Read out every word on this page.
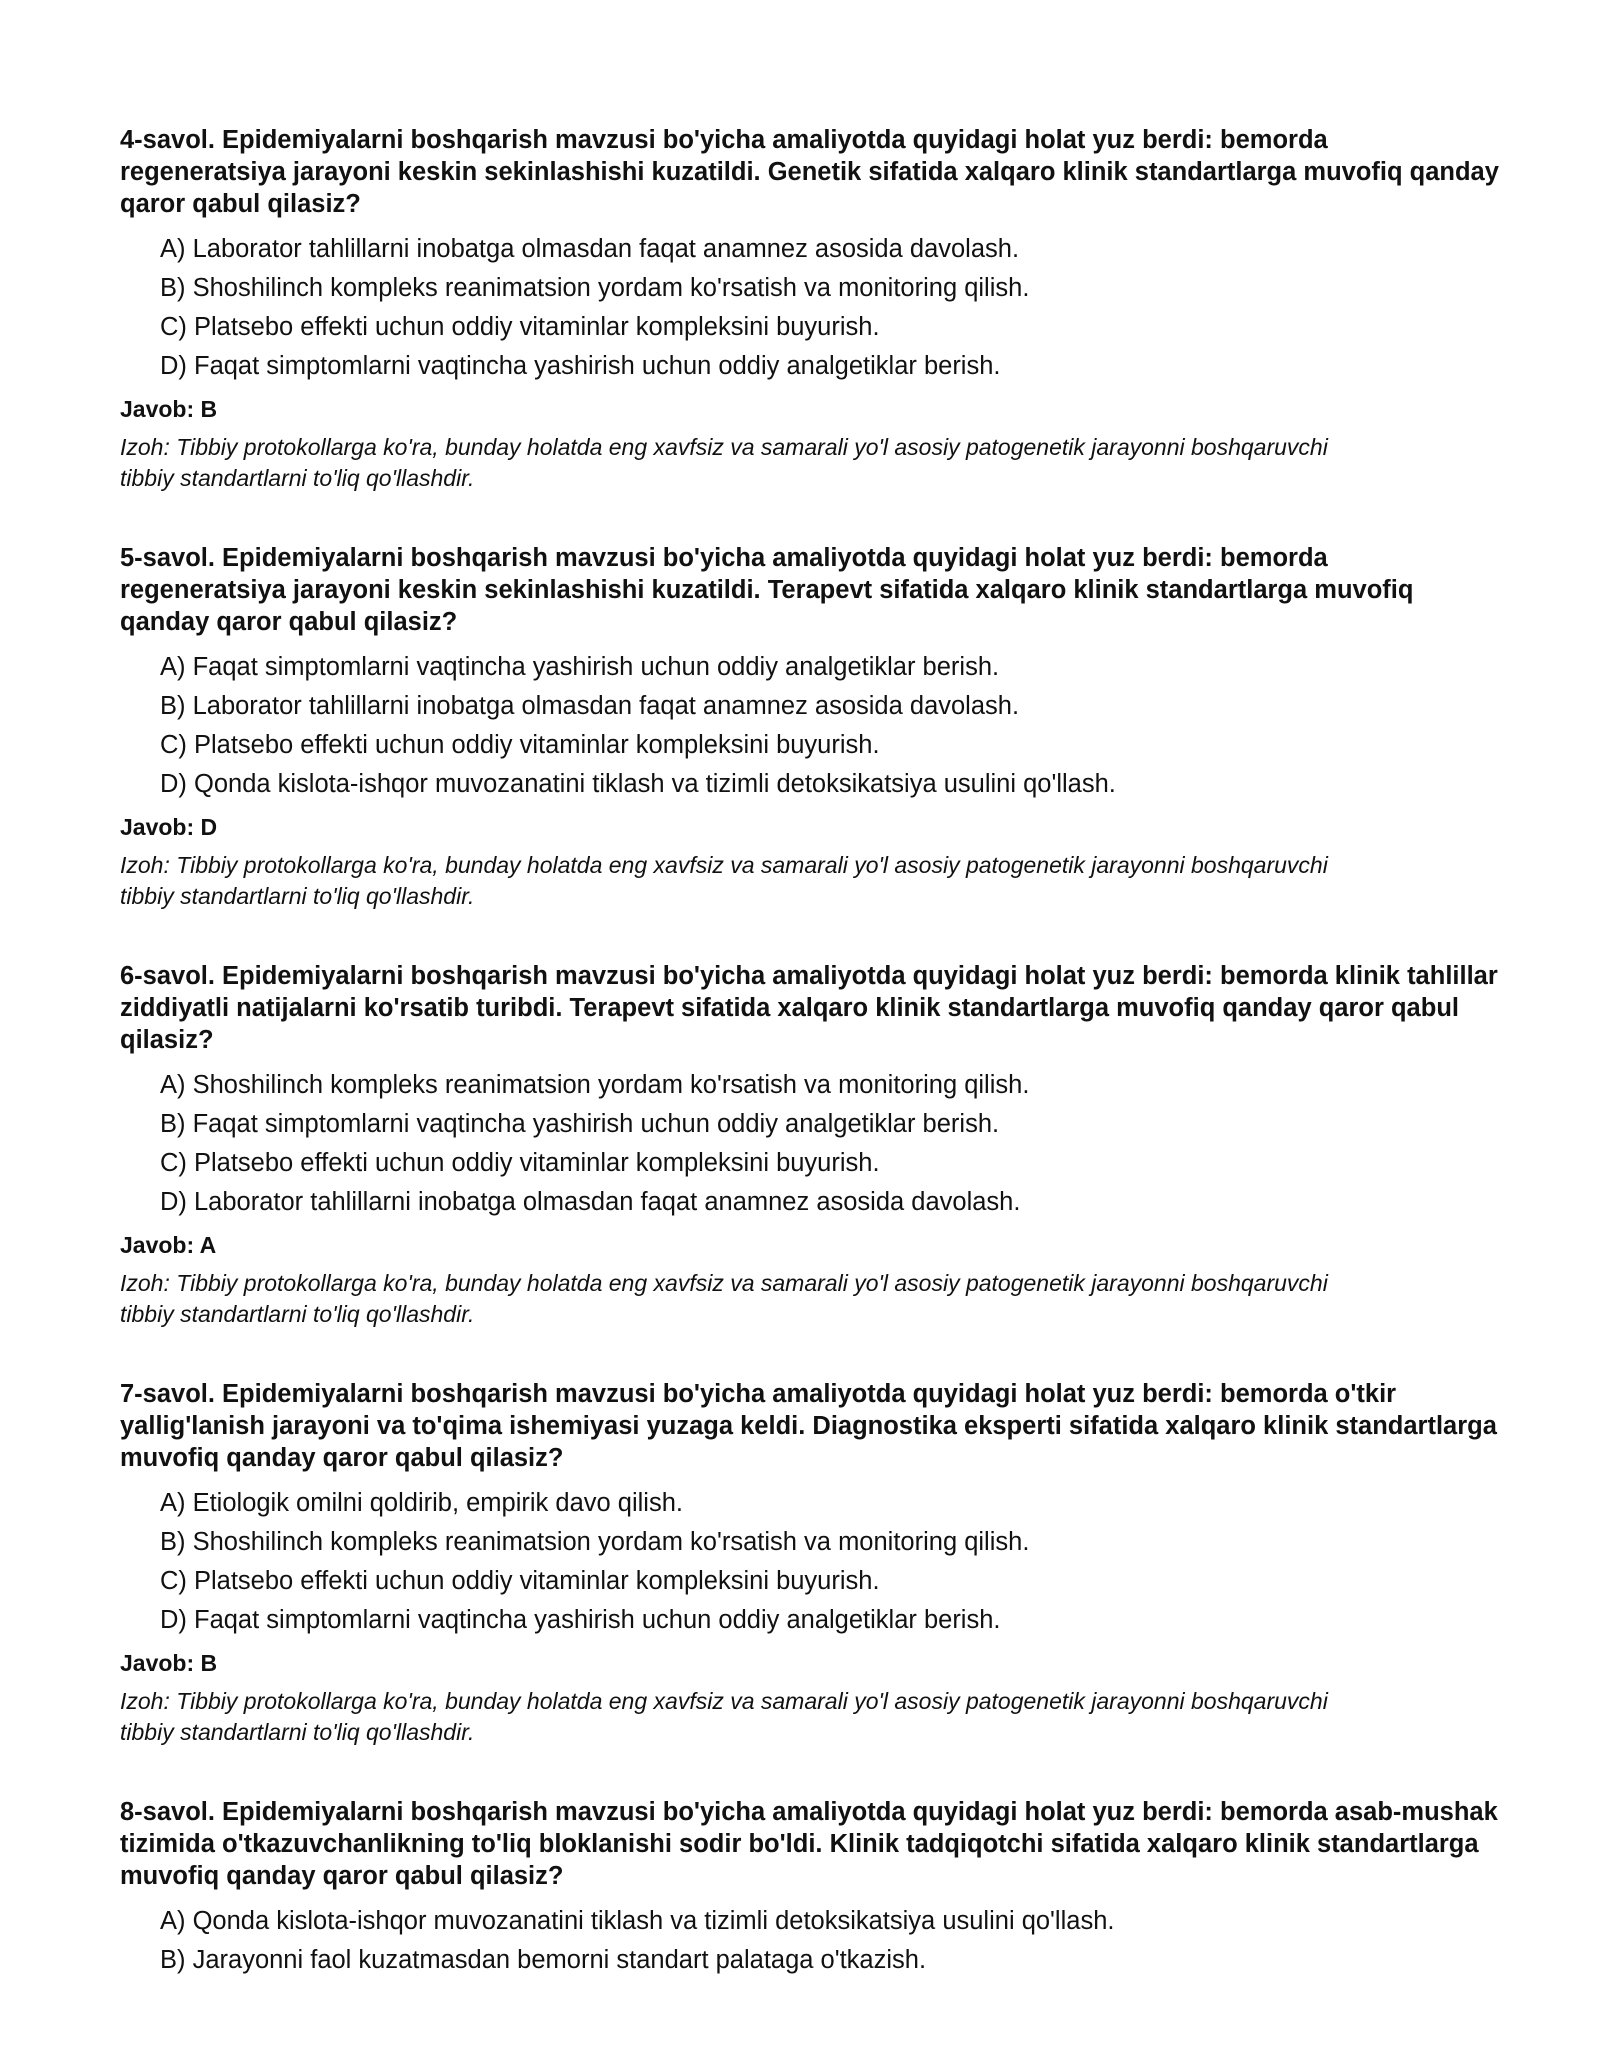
4-savol. Epidemiyalarni boshqarish mavzusi bo'yicha amaliyotda quyidagi holat yuz berdi: bemorda regeneratsiya jarayoni keskin sekinlashishi kuzatildi. Genetik sifatida xalqaro klinik standartlarga muvofiq qanday qaror qabul qilasiz?
A) Laborator tahlillarni inobatga olmasdan faqat anamnez asosida davolash.
B) Shoshilinch kompleks reanimatsion yordam ko'rsatish va monitoring qilish.
C) Platsebo effekti uchun oddiy vitaminlar kompleksini buyurish.
D) Faqat simptomlarni vaqtincha yashirish uchun oddiy analgetiklar berish.
Javob: B
Izoh: Tibbiy protokollarga ko'ra, bunday holatda eng xavfsiz va samarali yo'l asosiy patogenetik jarayonni boshqaruvchi tibbiy standartlarni to'liq qo'llashdir.
5-savol. Epidemiyalarni boshqarish mavzusi bo'yicha amaliyotda quyidagi holat yuz berdi: bemorda regeneratsiya jarayoni keskin sekinlashishi kuzatildi. Terapevt sifatida xalqaro klinik standartlarga muvofiq qanday qaror qabul qilasiz?
A) Faqat simptomlarni vaqtincha yashirish uchun oddiy analgetiklar berish.
B) Laborator tahlillarni inobatga olmasdan faqat anamnez asosida davolash.
C) Platsebo effekti uchun oddiy vitaminlar kompleksini buyurish.
D) Qonda kislota-ishqor muvozanatini tiklash va tizimli detoksikatsiya usulini qo'llash.
Javob: D
Izoh: Tibbiy protokollarga ko'ra, bunday holatda eng xavfsiz va samarali yo'l asosiy patogenetik jarayonni boshqaruvchi tibbiy standartlarni to'liq qo'llashdir.
6-savol. Epidemiyalarni boshqarish mavzusi bo'yicha amaliyotda quyidagi holat yuz berdi: bemorda klinik tahlillar ziddiyatli natijalarni ko'rsatib turibdi. Terapevt sifatida xalqaro klinik standartlarga muvofiq qanday qaror qabul qilasiz?
A) Shoshilinch kompleks reanimatsion yordam ko'rsatish va monitoring qilish.
B) Faqat simptomlarni vaqtincha yashirish uchun oddiy analgetiklar berish.
C) Platsebo effekti uchun oddiy vitaminlar kompleksini buyurish.
D) Laborator tahlillarni inobatga olmasdan faqat anamnez asosida davolash.
Javob: A
Izoh: Tibbiy protokollarga ko'ra, bunday holatda eng xavfsiz va samarali yo'l asosiy patogenetik jarayonni boshqaruvchi tibbiy standartlarni to'liq qo'llashdir.
7-savol. Epidemiyalarni boshqarish mavzusi bo'yicha amaliyotda quyidagi holat yuz berdi: bemorda o'tkir yallig'lanish jarayoni va to'qima ishemiyasi yuzaga keldi. Diagnostika eksperti sifatida xalqaro klinik standartlarga muvofiq qanday qaror qabul qilasiz?
A) Etiologik omilni qoldirib, empirik davo qilish.
B) Shoshilinch kompleks reanimatsion yordam ko'rsatish va monitoring qilish.
C) Platsebo effekti uchun oddiy vitaminlar kompleksini buyurish.
D) Faqat simptomlarni vaqtincha yashirish uchun oddiy analgetiklar berish.
Javob: B
Izoh: Tibbiy protokollarga ko'ra, bunday holatda eng xavfsiz va samarali yo'l asosiy patogenetik jarayonni boshqaruvchi tibbiy standartlarni to'liq qo'llashdir.
8-savol. Epidemiyalarni boshqarish mavzusi bo'yicha amaliyotda quyidagi holat yuz berdi: bemorda asab-mushak tizimida o'tkazuvchanlikning to'liq bloklanishi sodir bo'ldi. Klinik tadqiqotchi sifatida xalqaro klinik standartlarga muvofiq qanday qaror qabul qilasiz?
A) Qonda kislota-ishqor muvozanatini tiklash va tizimli detoksikatsiya usulini qo'llash.
B) Jarayonni faol kuzatmasdan bemorni standart palataga o'tkazish.
